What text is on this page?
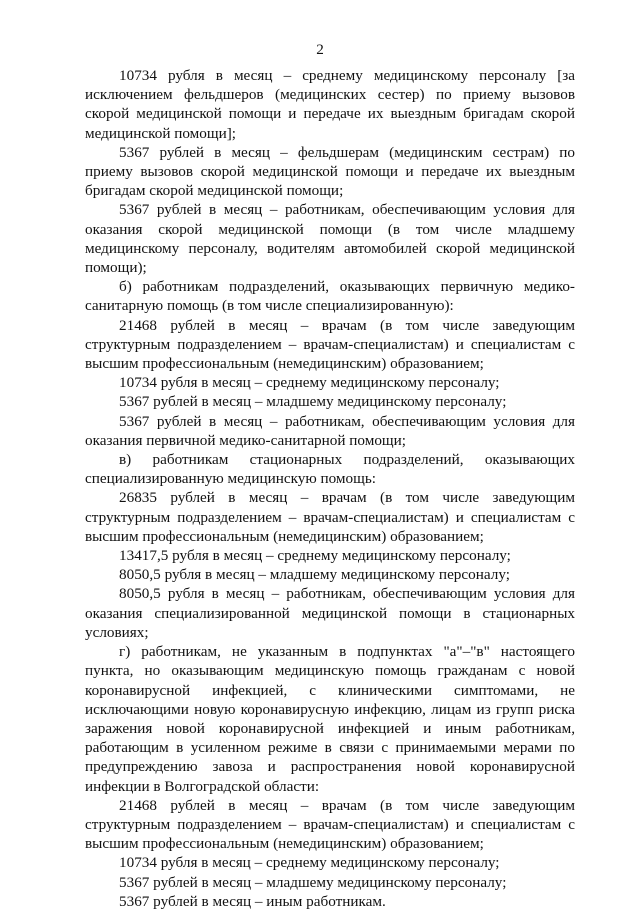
2

10734 рубля в месяц – среднему медицинскому персоналу [за исключением фельдшеров (медицинских сестер) по приему вызовов скорой медицинской помощи и передаче их выездным бригадам скорой медицинской помощи];

5367 рублей в месяц – фельдшерам (медицинским сестрам) по приему вызовов скорой медицинской помощи и передаче их выездным бригадам скорой медицинской помощи;

5367 рублей в месяц – работникам, обеспечивающим условия для оказания скорой медицинской помощи (в том числе младшему медицинскому персоналу, водителям автомобилей скорой медицинской помощи);

б) работникам подразделений, оказывающих первичную медико-санитарную помощь (в том числе специализированную):

21468 рублей в месяц – врачам (в том числе заведующим структурным подразделением – врачам-специалистам) и специалистам с высшим профессиональным (немедицинским) образованием;

10734 рубля в месяц – среднему медицинскому персоналу;

5367 рублей в месяц – младшему медицинскому персоналу;

5367 рублей в месяц – работникам, обеспечивающим условия для оказания первичной медико-санитарной помощи;

в) работникам стационарных подразделений, оказывающих специализированную медицинскую помощь:

26835 рублей в месяц – врачам (в том числе заведующим структурным подразделением – врачам-специалистам) и специалистам с высшим профессиональным (немедицинским) образованием;

13417,5 рубля в месяц – среднему медицинскому персоналу;

8050,5 рубля в месяц – младшему медицинскому персоналу;

8050,5 рубля в месяц – работникам, обеспечивающим условия для оказания специализированной медицинской помощи в стационарных условиях;

г) работникам, не указанным в подпунктах "а"–"в" настоящего пункта, но оказывающим медицинскую помощь гражданам с новой коронавирусной инфекцией, с клиническими симптомами, не исключающими новую коронавирусную инфекцию, лицам из групп риска заражения новой коронавирусной инфекцией и иным работникам, работающим в усиленном режиме в связи с принимаемыми мерами по предупреждению завоза и распространения новой коронавирусной инфекции в Волгоградской области:

21468 рублей в месяц – врачам (в том числе заведующим структурным подразделением – врачам-специалистам) и специалистам с высшим профессиональным (немедицинским) образованием;

10734 рубля в месяц – среднему медицинскому персоналу;

5367 рублей в месяц – младшему медицинскому персоналу;

5367 рублей в месяц – иным работникам.
